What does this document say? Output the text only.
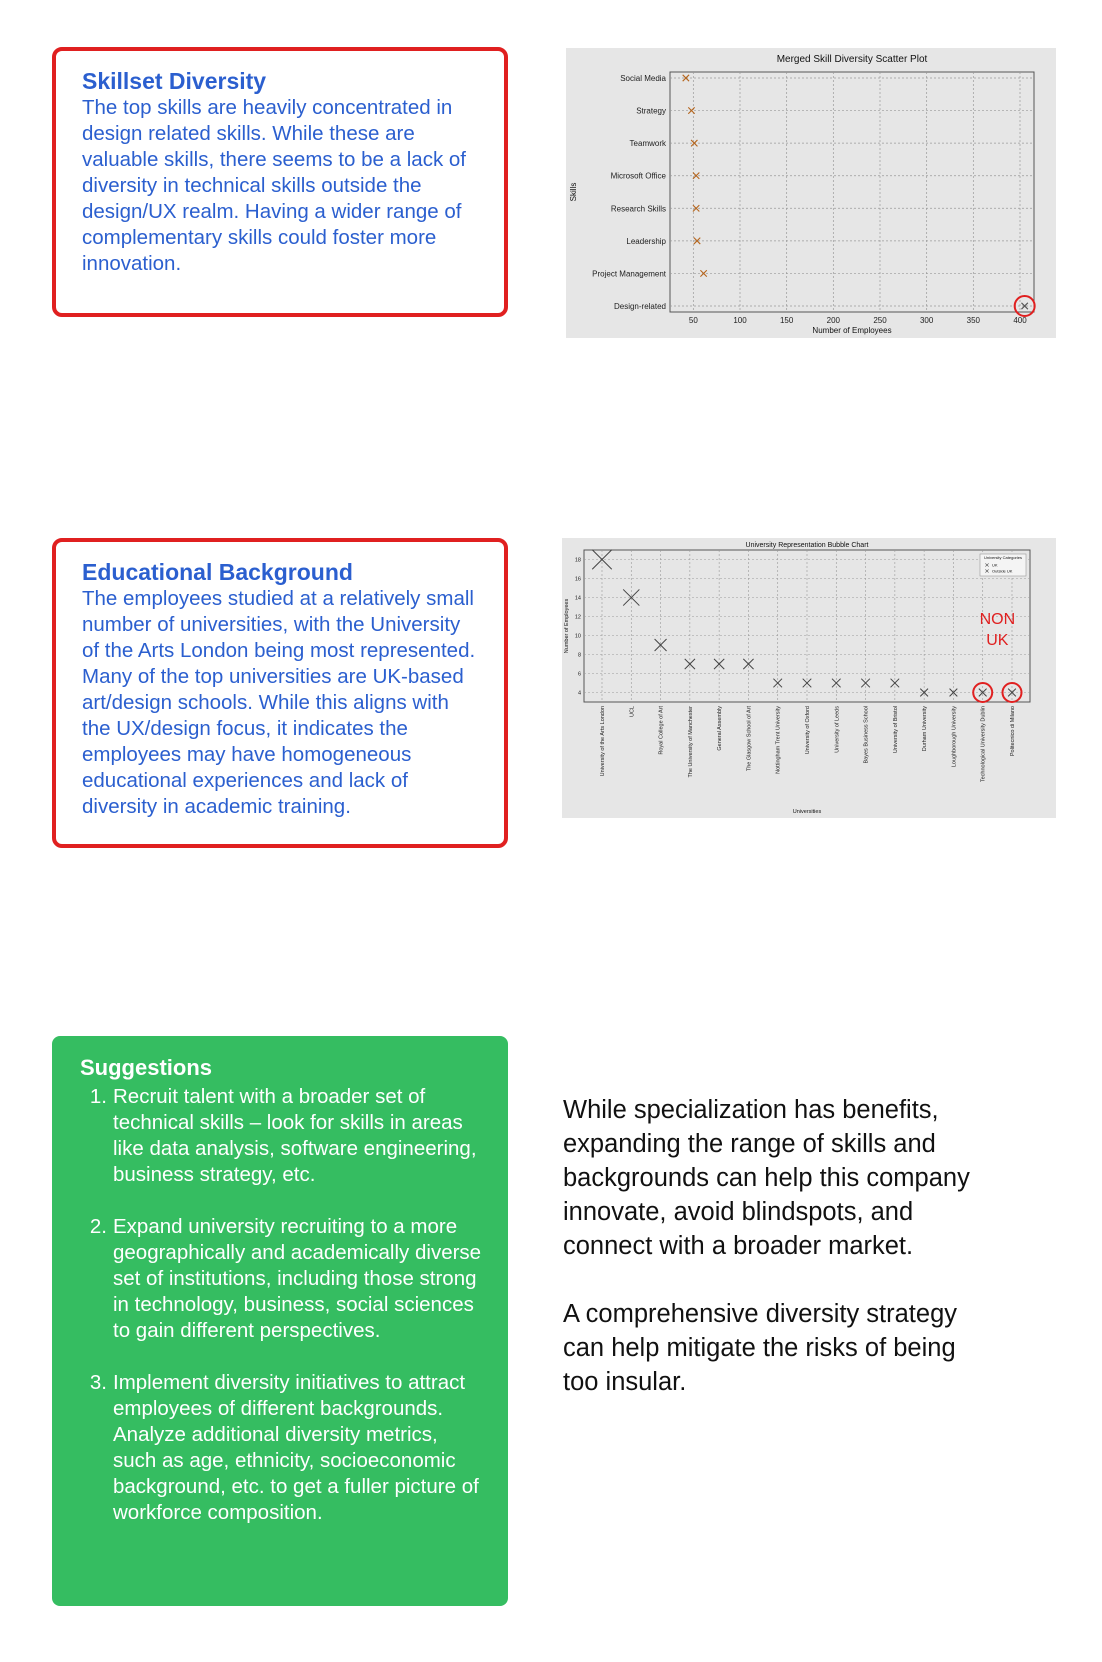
Skillset Diversity
The top skills are heavily concentrated in design related skills. While these are valuable skills, there seems to be a lack of diversity in technical skills outside the design/UX realm. Having a wider range of complementary skills could foster more innovation.
50	100	150	200	250	300	350	400
Social Media
Strategy
Teamwork
Microsoft Office
Research Skills
Leadership
Project Management
Design-related
Merged Skill Diversity Scatter Plot
Number of Employees
Skills
Educational Background
The employees studied at a relatively small number of universities, with the University of the Arts London being most represented. Many of the top universities are UK-based art/design schools. While this aligns with the UX/design focus, it indicates the employees may have homogeneous educational experiences and lack of diversity in academic training.
4
6
8
10
12
14
16
18
University of the Arts London	UCL	Royal College of Art	The University of Manchester	General Assembly	The Glasgow School of Art	Nottingham Trent University	University of Oxford	University of Leeds	Bayes Business School	University of Bristol	Durham University	Loughborough University	Technological University Dublin	Politecnico di Milano
NON
UK
University Categories
UK
Outside UK
University Representation Bubble Chart
Universities
Number of Employees
Suggestions
1. Recruit talent with a broader set of technical skills – look for skills in areas like data analysis, software engineering, business strategy, etc.
2. Expand university recruiting to a more geographically and academically diverse set of institutions, including those strong in technology, business, social sciences to gain different perspectives.
3. Implement diversity initiatives to attract employees of different backgrounds. Analyze additional diversity metrics, such as age, ethnicity, socioeconomic background, etc. to get a fuller picture of workforce composition.

While specialization has benefits, expanding the range of skills and backgrounds can help this company innovate, avoid blindspots, and connect with a broader market.

A comprehensive diversity strategy can help mitigate the risks of being too insular.
